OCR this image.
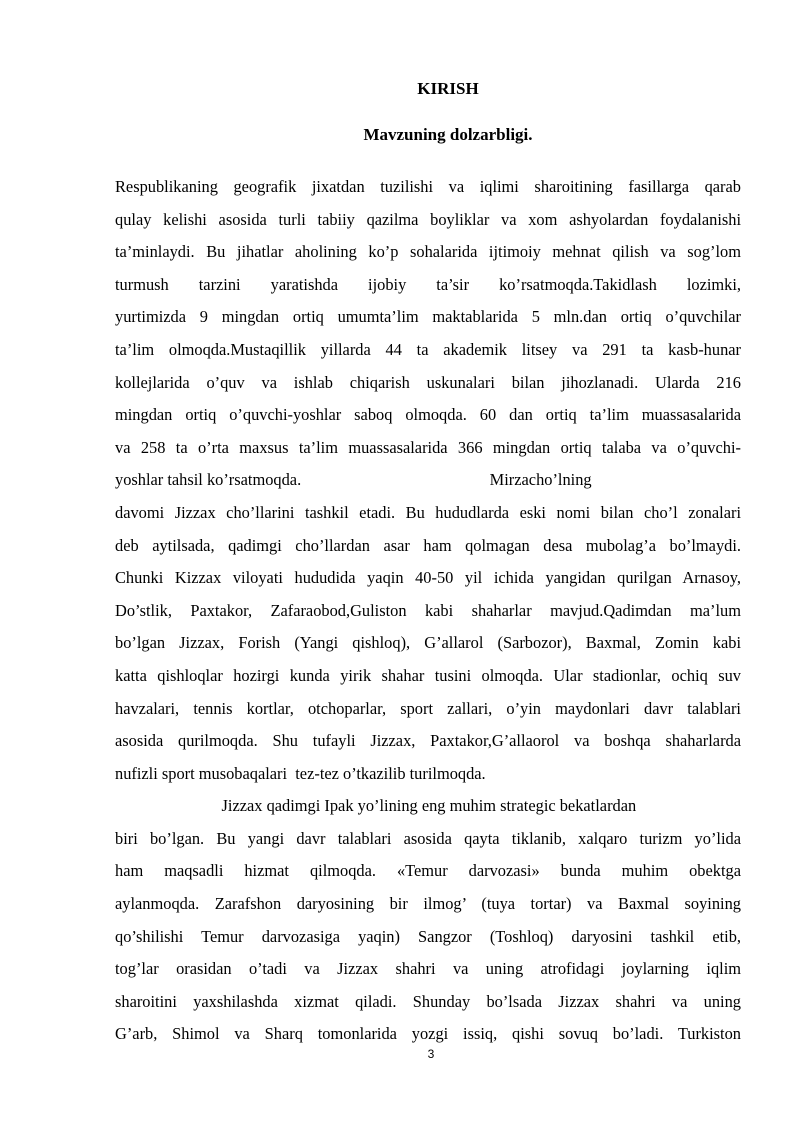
KIRISH
Mavzuning dolzarbligi.
Respublikaning geografik jixatdan tuzilishi va iqlimi sharoitining fasillarga qarab
qulay kelishi asosida turli tabiiy qazilma boyliklar va xom ashyolardan foydalanishi
ta’minlaydi. Bu jihatlar aholining ko’p sohalarida ijtimoiy mehnat qilish va sog’lom
turmush tarzini yaratishda ijobiy ta’sir ko’rsatmoqda.Takidlash lozimki,
yurtimizda 9 mingdan ortiq umumta’lim maktablarida 5 mln.dan ortiq o’quvchilar
ta’lim olmoqda.Mustaqillik yillarda 44 ta akademik litsey va 291 ta kasb-hunar
kollejlarida o’quv va ishlab chiqarish uskunalari bilan jihozlanadi. Ularda 216
mingdan ortiq o’quvchi-yoshlar saboq olmoqda. 60 dan ortiq ta’lim muassasalarida
va 258 ta o’rta maxsus ta’lim muassasalarida 366 mingdan ortiq talaba va o’quvchi-
yoshlar tahsil ko’rsatmoqda.                                              Mirzacho’lning
davomi Jizzax cho’llarini tashkil etadi. Bu hududlarda eski nomi bilan cho’l zonalari
deb aytilsada, qadimgi cho’llardan asar ham qolmagan desa mubolag’a bo’lmaydi.
Chunki Kizzax viloyati hududida yaqin 40-50 yil ichida yangidan qurilgan Arnasoy,
Do’stlik, Paxtakor, Zafaraobod,Guliston kabi shaharlar mavjud.Qadimdan ma’lum
bo’lgan Jizzax, Forish (Yangi qishloq), G’allarol (Sarbozor), Baxmal, Zomin kabi
katta qishloqlar hozirgi kunda yirik shahar tusini olmoqda. Ular stadionlar, ochiq suv
havzalari, tennis kortlar, otchoparlar, sport zallari, o’yin maydonlari davr talablari
asosida qurilmoqda. Shu tufayli Jizzax, Paxtakor,G’allaorol va boshqa shaharlarda
nufizli sport musobaqalari  tez-tez o’tkazilib turilmoqda.
Jizzax qadimgi Ipak yo’lining eng muhim strategic bekatlardan
biri bo’lgan. Bu yangi davr talablari asosida qayta tiklanib, xalqaro turizm yo’lida
ham maqsadli hizmat qilmoqda. «Temur darvozasi» bunda muhim obektga
aylanmoqda. Zarafshon daryosining bir ilmog’ (tuya tortar) va Baxmal soyining
qo’shilishi Temur darvozasiga yaqin) Sangzor (Toshloq) daryosini tashkil etib,
tog’lar orasidan o’tadi va Jizzax shahri va uning atrofidagi joylarning iqlim
sharoitini yaxshilashda xizmat qiladi. Shunday bo’lsada Jizzax shahri va uning
G’arb, Shimol va Sharq tomonlarida yozgi issiq, qishi sovuq bo’ladi. Turkiston
3
